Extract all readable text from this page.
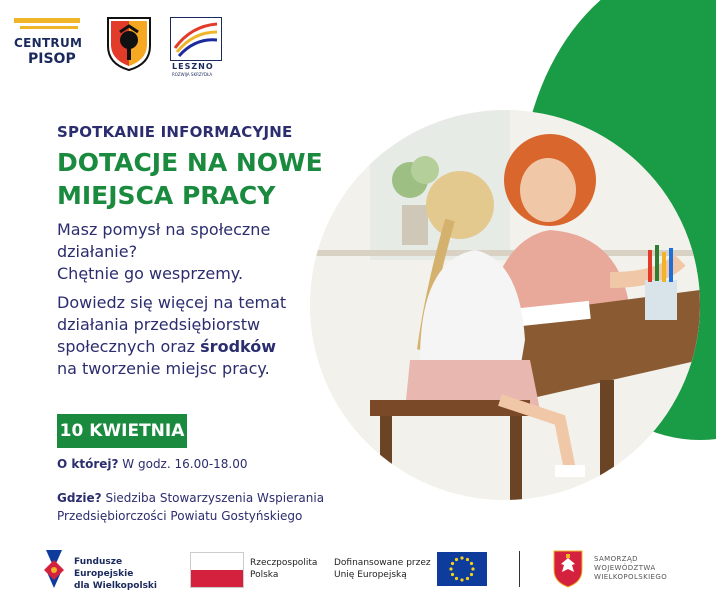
CENTRUM
PISOP	LESZNO
ROZWIJA SKRZYDŁA
SPOTKANIE INFORMACYJNE
DOTACJE NA NOWE
MIEJSCA PRACY
Masz pomysł na społeczne
działanie?
Chętnie go wesprzemy.
Dowiedz się więcej na temat
działania przedsiębiorstw
społecznych oraz środków
na tworzenie miejsc pracy.
10 KWIETNIA
O której? W godz. 16.00-18.00
Gdzie? Siedziba Stowarzyszenia Wspierania
Przedsiębiorczości Powiatu Gostyńskiego
Fundusze Europejskie
dla Wielkopolski
Rzeczpospolita
Polska
Dofinansowane przez
Unię Europejską
SAMORZĄD
WOJEWÓDZTWA
WIELKOPOLSKIEGO
